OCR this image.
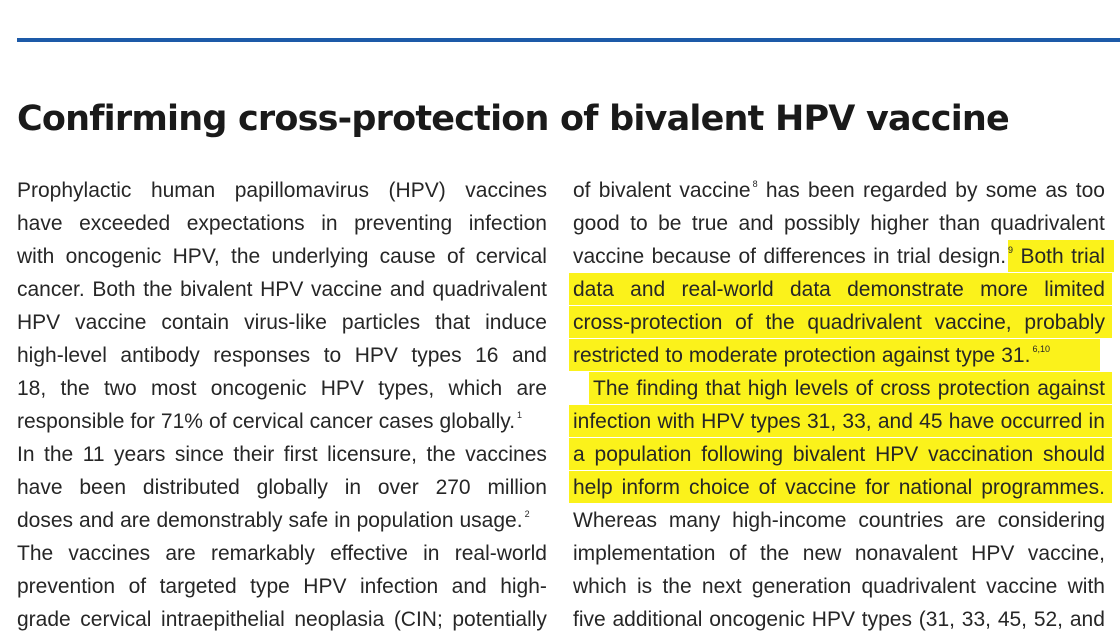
Confirming cross-protection of bivalent HPV vaccine
Prophylactic human papillomavirus (HPV) vaccines
have exceeded expectations in preventing infection
with oncogenic HPV, the underlying cause of cervical
cancer. Both the bivalent HPV vaccine and quadrivalent
HPV vaccine contain virus-like particles that induce
high-level antibody responses to HPV types 16 and
18, the two most oncogenic HPV types, which are
responsible for 71% of cervical cancer cases globally. $^1$
In the 11 years since their first licensure, the vaccines
have been distributed globally in over 270 million
doses and are demonstrably safe in population usage. $^2$
The vaccines are remarkably effective in real-world
prevention of targeted type HPV infection and high-
grade cervical intraepithelial neoplasia (CIN; potentially
of bivalent vaccine $^8$ has been regarded by some as too
good to be true and possibly higher than quadrivalent
vaccine because of differences in trial design. $^9$ Both trial
data and real-world data demonstrate more limited
cross-protection of the quadrivalent vaccine, probably
restricted to moderate protection against type 31. $^{6,10}$
The finding that high levels of cross protection against
infection with HPV types 31, 33, and 45 have occurred in
a population following bivalent HPV vaccination should
help inform choice of vaccine for national programmes.
Whereas many high-income countries are considering
implementation of the new nonavalent HPV vaccine,
which is the next generation quadrivalent vaccine with
five additional oncogenic HPV types (31, 33, 45, 52, and
